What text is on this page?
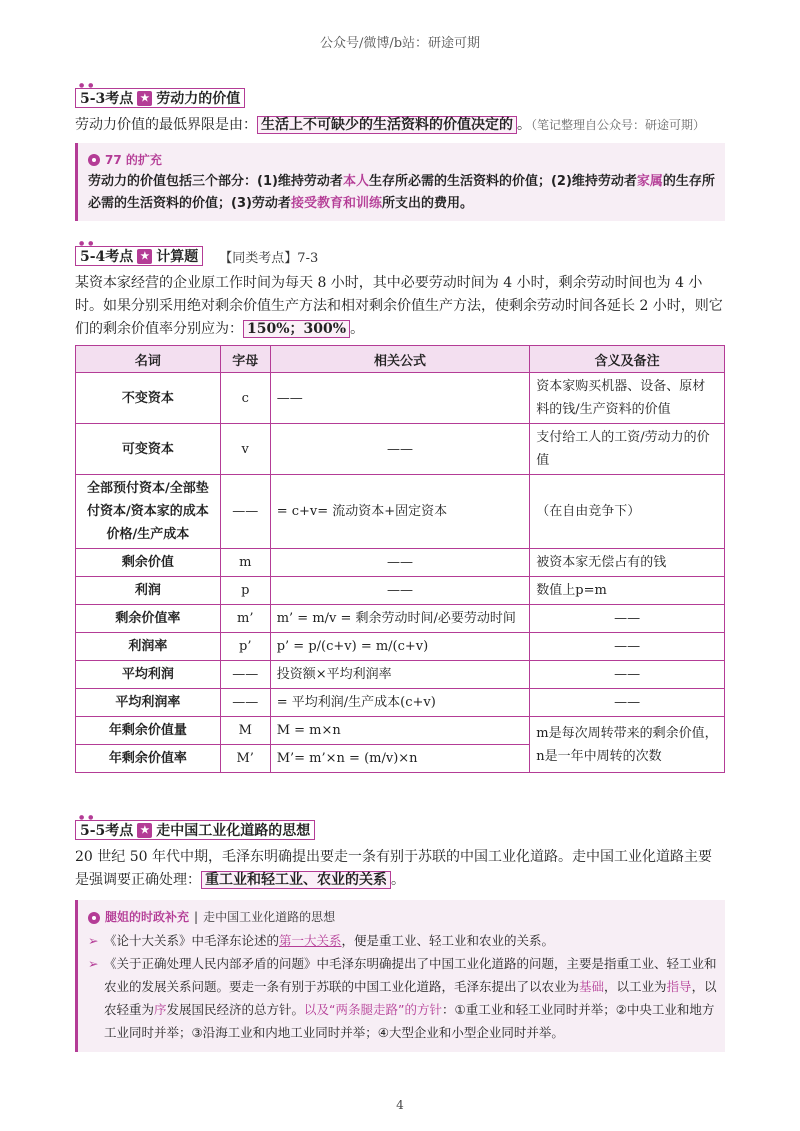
公众号/微博/b站：研途可期
● ●
5-3考点 ★ 劳动力的价值
劳动力价值的最低界限是由： 生活上不可缺少的生活资料的价值决定的 。（笔记整理自公众号：研途可期）
77 的扩充
劳动力的价值包括三个部分：(1)维持劳动者本人生存所必需的生活资料的价值；(2)维持劳动者家属的生存所必需的生活资料的价值；(3)劳动者接受教育和训练所支出的费用。
● ●
5-4考点 ★ 计算题 【同类考点】7-3
某资本家经营的企业原工作时间为每天 8 小时，其中必要劳动时间为 4 小时，剩余劳动时间也为 4 小时。如果分别采用绝对剩余价值生产方法和相对剩余价值生产方法，使剩余劳动时间各延长 2 小时，则它们的剩余价值率分别应为： 150%；300% 。
名词	字母	相关公式	含义及备注
不变资本	c	——	资本家购买机器、设备、原材料的钱/生产资料的价值
可变资本	v	——	支付给工人的工资/劳动力的价值
全部预付资本/全部垫付资本/资本家的成本价格/生产成本	——	= c+v= 流动资本+固定资本	（在自由竞争下）
剩余价值	m	——	被资本家无偿占有的钱
利润	p	——	数值上p=m
剩余价值率	m’	m’ = m/v = 剩余劳动时间/必要劳动时间	——
利润率	p’	p’ = p/(c+v) = m/(c+v)	——
平均利润	——	投资额×平均利润率	——
平均利润率	——	= 平均利润/生产成本(c+v)	——
年剩余价值量	M	M = m×n	m是每次周转带来的剩余价值，n是一年中周转的次数
年剩余价值率	M’	M’= m’×n = (m/v)×n	
● ●
5-5考点 ★ 走中国工业化道路的思想
20 世纪 50 年代中期，毛泽东明确提出要走一条有别于苏联的中国工业化道路。走中国工业化道路主要是强调要正确处理： 重工业和轻工业、农业的关系 。
腿姐的时政补充 | 走中国工业化道路的思想
➢ 《论十大关系》中毛泽东论述的第一大关系，便是重工业、轻工业和农业的关系。
➢ 《关于正确处理人民内部矛盾的问题》中毛泽东明确提出了中国工业化道路的问题，主要是指重工业、轻工业和农业的发展关系问题。要走一条有别于苏联的中国工业化道路，毛泽东提出了以农业为基础，以工业为指导，以农轻重为序发展国民经济的总方针。以及“两条腿走路”的方针：①重工业和轻工业同时并举；②中央工业和地方工业同时并举；③沿海工业和内地工业同时并举；④大型企业和小型企业同时并举。
4
